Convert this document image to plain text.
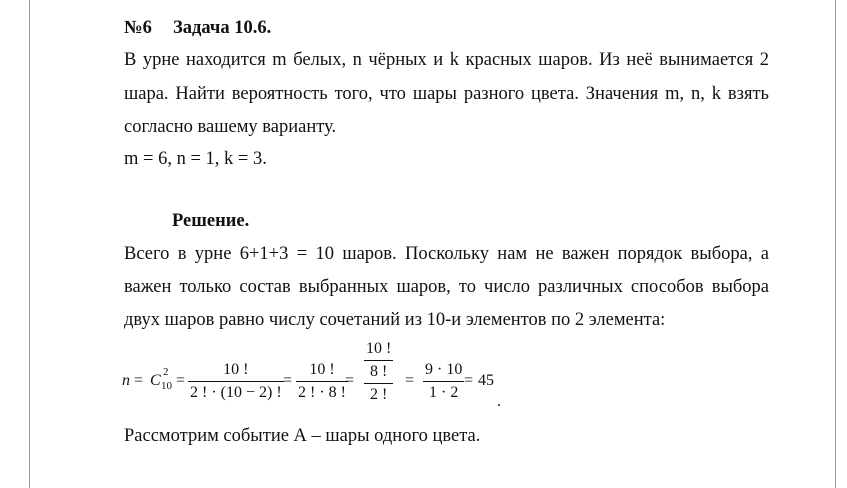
№6 Задача 10.6.
В урне находится m белых, n чёрных и k красных шаров. Из неё вынимается 2
шара. Найти вероятность того, что шары разного цвета. Значения m, n, k взять
согласно вашему варианту.
m = 6, n = 1, k = 3.
Решение.
Всего в урне 6+1+3 = 10 шаров. Поскольку нам не важен порядок выбора, а
важен только состав выбранных шаров, то число различных способов выбора
двух шаров равно числу сочетаний из 10-и элементов по 2 элемента:
n = C 2
10 =
10 !
2 ! · (10 − 2) !
=
10 !
2 ! · 8 !
=
10 !
8 !
2 !
=
9 · 10
1 · 2
= 45
.
Рассмотрим событие А – шары одного цвета.
